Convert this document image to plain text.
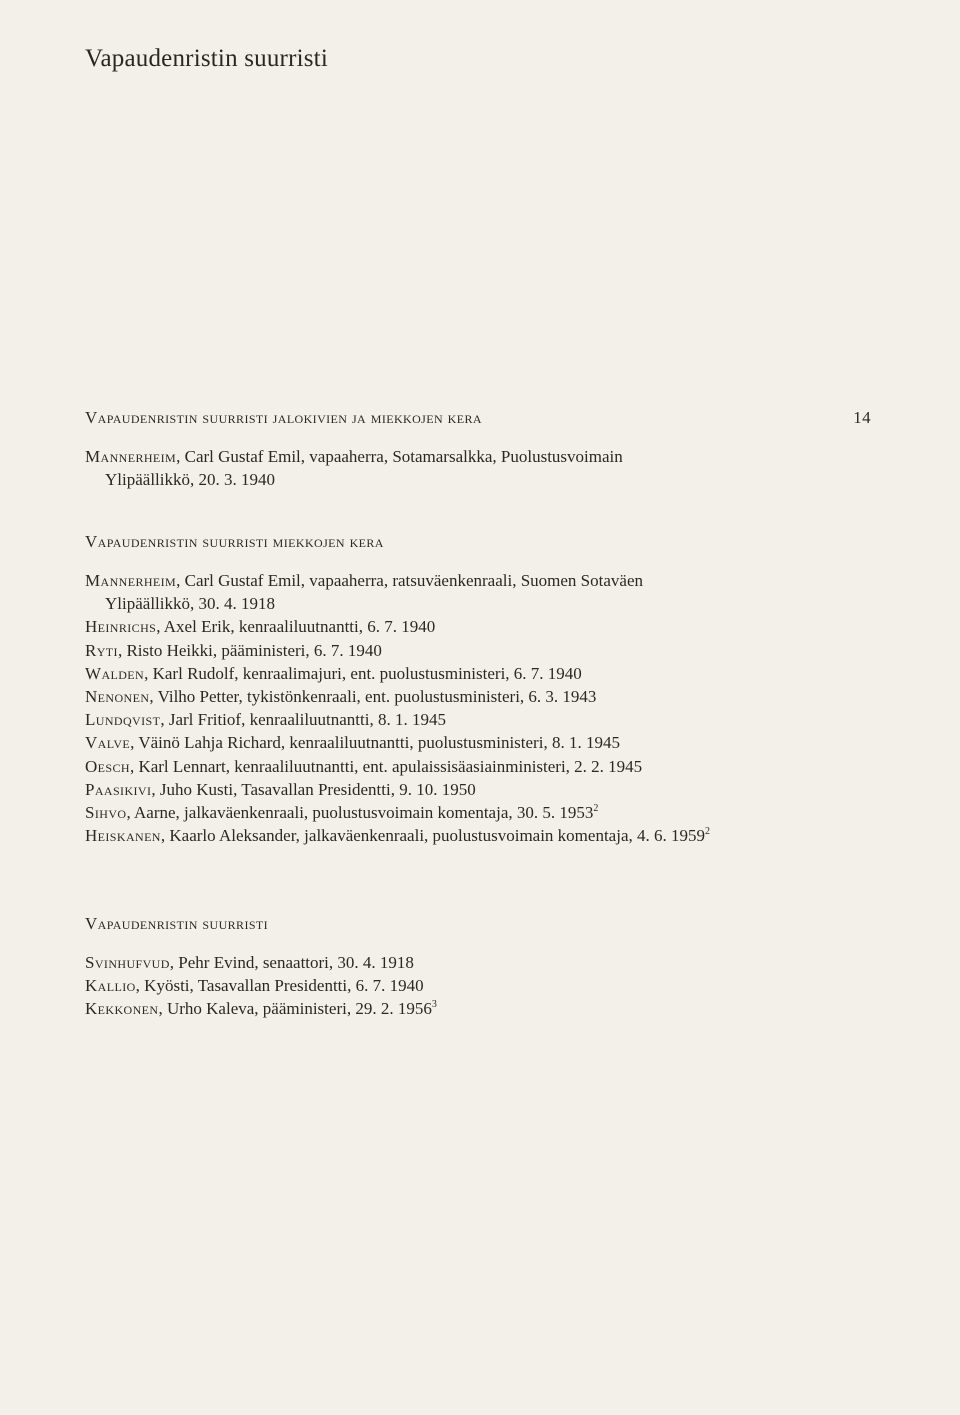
Vapaudenristin suurristi
Vapaudenristin suurristi jalokivien ja miekkojen kera	14
Mannerheim, Carl Gustaf Emil, vapaaherra, Sotamarsalkka, Puolustusvoimain
Ylipäällikkö, 20. 3. 1940
Vapaudenristin suurristi miekkojen kera
Mannerheim, Carl Gustaf Emil, vapaaherra, ratsuväenkenraali, Suomen Sotaväen
Ylipäällikkö, 30. 4. 1918
Heinrichs, Axel Erik, kenraaliluutnantti, 6. 7. 1940
Ryti, Risto Heikki, pääministeri, 6. 7. 1940
Walden, Karl Rudolf, kenraalimajuri, ent. puolustusministeri, 6. 7. 1940
Nenonen, Vilho Petter, tykistönkenraali, ent. puolustusministeri, 6. 3. 1943
Lundqvist, Jarl Fritiof, kenraaliluutnantti, 8. 1. 1945
Valve, Väinö Lahja Richard, kenraaliluutnantti, puolustusministeri, 8. 1. 1945
Oesch, Karl Lennart, kenraaliluutnantti, ent. apulaissisäasiainministeri, 2. 2. 1945
Paasikivi, Juho Kusti, Tasavallan Presidentti, 9. 10. 1950
Sihvo, Aarne, jalkaväenkenraali, puolustusvoimain komentaja, 30. 5. 1953$^2$
Heiskanen, Kaarlo Aleksander, jalkaväenkenraali, puolustusvoimain komentaja, 4. 6. 1959$^2$
Vapaudenristin suurristi
Svinhufvud, Pehr Evind, senaattori, 30. 4. 1918
Kallio, Kyösti, Tasavallan Presidentti, 6. 7. 1940
Kekkonen, Urho Kaleva, pääministeri, 29. 2. 1956$^3$
